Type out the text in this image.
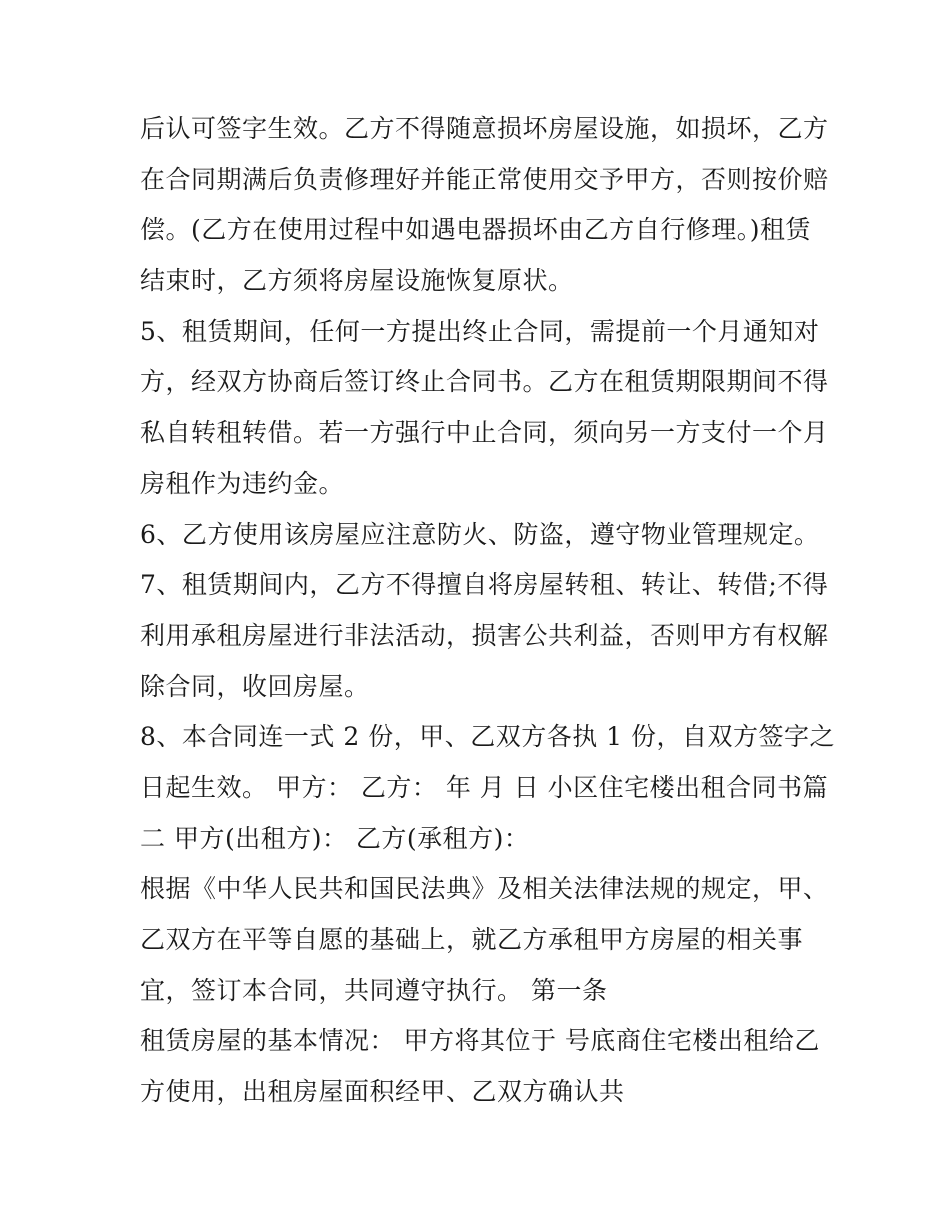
后认可签字生效。乙方不得随意损坏房屋设施，如损坏，乙方
在合同期满后负责修理好并能正常使用交予甲方，否则按价赔
偿。(乙方在使用过程中如遇电器损坏由乙方自行修理。)租赁
结束时，乙方须将房屋设施恢复原状。
5、租赁期间，任何一方提出终止合同，需提前一个月通知对
方，经双方协商后签订终止合同书。乙方在租赁期限期间不得
私自转租转借。若一方强行中止合同，须向另一方支付一个月
房租作为违约金。
6、乙方使用该房屋应注意防火、防盗，遵守物业管理规定。
7、租赁期间内，乙方不得擅自将房屋转租、转让、转借;不得
利用承租房屋进行非法活动，损害公共利益，否则甲方有权解
除合同，收回房屋。
8、本合同连一式 2 份，甲、乙双方各执 1 份，自双方签字之
日起生效。 甲方： 乙方： 年 月 日 小区住宅楼出租合同书篇
二 甲方(出租方)： 乙方(承租方)：
根据《中华人民共和国民法典》及相关法律法规的规定，甲、
乙双方在平等自愿的基础上，就乙方承租甲方房屋的相关事
宜，签订本合同，共同遵守执行。 第一条
租赁房屋的基本情况： 甲方将其位于 号底商住宅楼出租给乙
方使用，出租房屋面积经甲、乙双方确认共
